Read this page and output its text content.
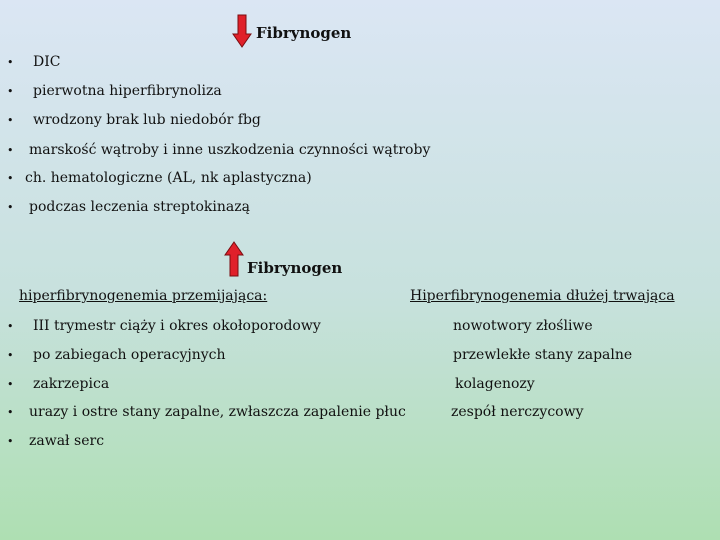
Fibrynogen
• DIC
• pierwotna hiperfibrynoliza
• wrodzony brak lub niedobór fbg
• marskość wątroby i inne uszkodzenia czynności wątroby
• ch. hematologiczne (AL, nk aplastyczna)
• podczas leczenia streptokinazą
Fibrynogen
hiperfibrynogenemia przemijająca:	Hiperfibrynogenemia dłużej trwająca
• III trymestr ciąży i okres okołoporodowy
• po zabiegach operacyjnych
• zakrzepica
• urazy i ostre stany zapalne, zwłaszcza zapalenie płuc
• zawał serc
nowotwory złośliwe
przewlekłe stany zapalne
kolagenozy
zespół nerczycowy
